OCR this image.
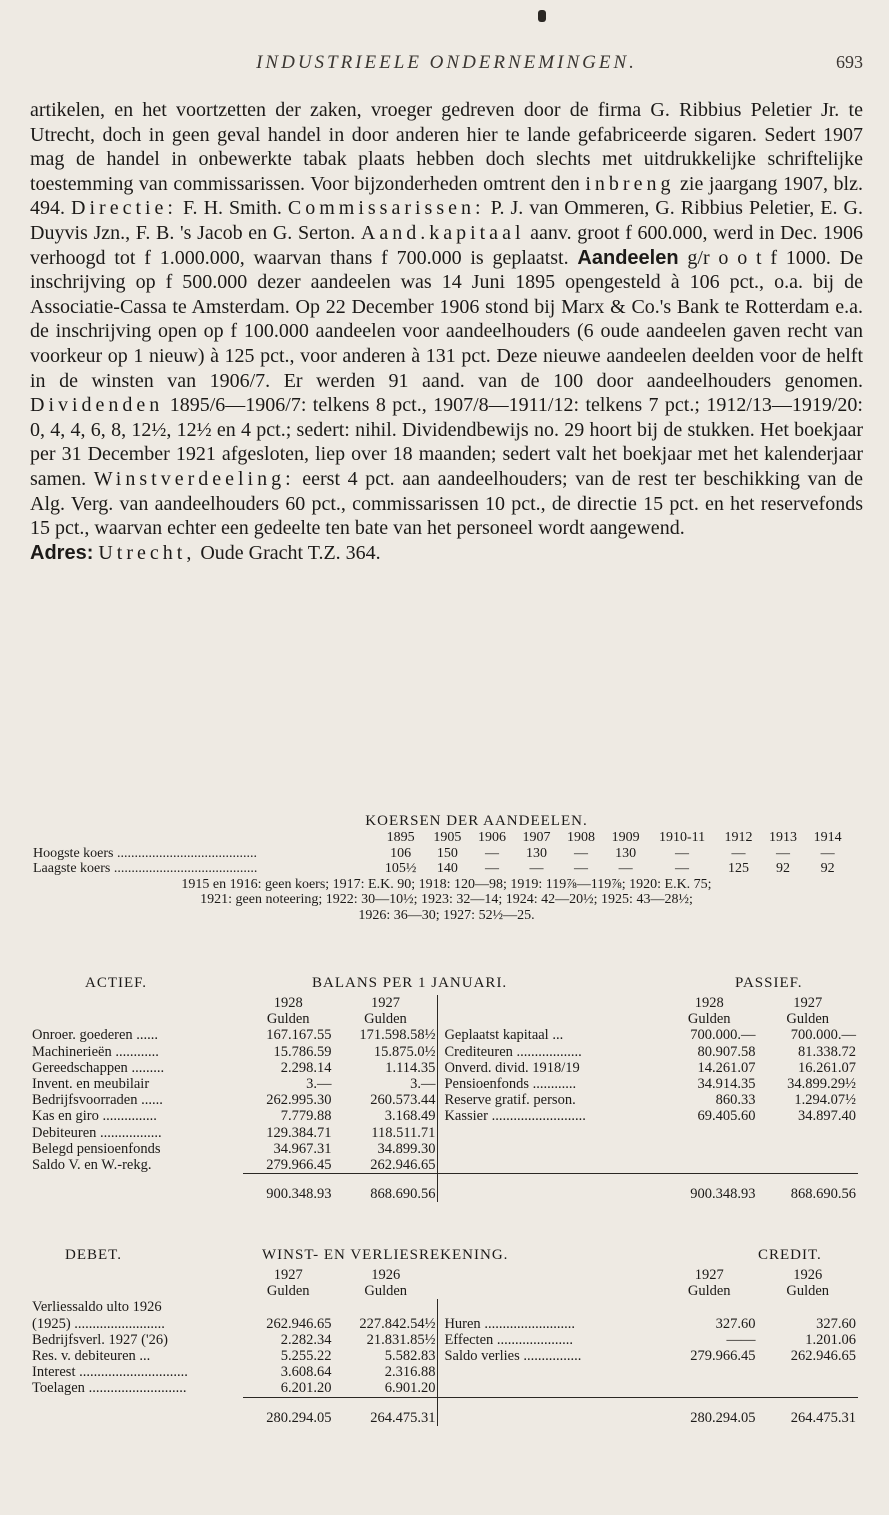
INDUSTRIEELE ONDERNEMINGEN.	693

artikelen, en het voortzetten der zaken, vroeger gedreven door de firma G. Ribbius Peletier Jr. te Utrecht, doch in geen geval handel in door anderen hier te lande gefabriceerde sigaren. Sedert 1907 mag de handel in onbewerkte tabak plaats hebben doch slechts met uitdrukkelijke schriftelijke toestemming van commissarissen. Voor bijzonderheden omtrent den inbreng zie jaargang 1907, blz. 494. Directie: F. H. Smith. Commissarissen: P. J. van Ommeren, G. Ribbius Peletier, E. G. Duyvis Jzn., F. B. 's Jacob en G. Serton. Aand.kapitaal aanv. groot f 600.000, werd in Dec. 1906 verhoogd tot f 1.000.000, waarvan thans f 700.000 is geplaatst. Aandeelen g/r o o t f 1000. De inschrijving op f 500.000 dezer aandeelen was 14 Juni 1895 opengesteld à 106 pct., o.a. bij de Associatie-Cassa te Amsterdam. Op 22 December 1906 stond bij Marx & Co.'s Bank te Rotterdam e.a. de inschrijving open op f 100.000 aandeelen voor aandeelhouders (6 oude aandeelen gaven recht van voorkeur op 1 nieuw) à 125 pct., voor anderen à 131 pct. Deze nieuwe aandeelen deelden voor de helft in de winsten van 1906/7. Er werden 91 aand. van de 100 door aandeelhouders genomen. Dividenden 1895/6—1906/7: telkens 8 pct., 1907/8—1911/12: telkens 7 pct.; 1912/13—1919/20: 0, 4, 4, 6, 8, 12½, 12½ en 4 pct.; sedert: nihil. Dividendbewijs no. 29 hoort bij de stukken. Het boekjaar per 31 December 1921 afgesloten, liep over 18 maanden; sedert valt het boekjaar met het kalenderjaar samen. Winstverdeeling: eerst 4 pct. aan aandeelhouders; van de rest ter beschikking van de Alg. Verg. van aandeelhouders 60 pct., commissarissen 10 pct., de directie 15 pct. en het reservefonds 15 pct., waarvan echter een gedeelte ten bate van het personeel wordt aangewend.

Adres: Utrecht, Oude Gracht T.Z. 364.

KOERSEN DER AANDEELEN.
	1895	1905	1906	1907	1908	1909	1910-11	1912	1913	1914
Hoogste koers ........................................	106	150	—	130	—	130	—	—	—	—
Laagste koers .........................................	105½	140	—	—	—	—	—	125	92	92
1915 en 1916: geen koers; 1917: E.K. 90; 1918: 120—98; 1919: 119⅞—119⅞; 1920: E.K. 75;
1921: geen noteering; 1922: 30—10½; 1923: 32—14; 1924: 42—20½; 1925: 43—28½;
1926: 36—30; 1927: 52½—25.
ACTIEF.	BALANS PER 1 JANUARI.	PASSIEF.
	1928	1927		1928	1927
	Gulden	Gulden		Gulden	Gulden
Onroer. goederen ......	167.167.55	171.598.58½	Geplaatst kapitaal ...	700.000.—	700.000.—
Machinerieën ............	15.786.59	15.875.0½	Crediteuren ..................	80.907.58	81.338.72
Gereedschappen .........	2.298.14	1.114.35	Onverd. divid. 1918/19	14.261.07	16.261.07
Invent. en meubilair	3.—	3.—	Pensioenfonds ............	34.914.35	34.899.29½
Bedrijfsvoorraden ......	262.995.30	260.573.44	Reserve gratif. person.	860.33	1.294.07½
Kas en giro ...............	7.779.88	3.168.49	Kassier ..........................	69.405.60	34.897.40
Debiteuren .................	129.384.71	118.511.71			
Belegd pensioenfonds	34.967.31	34.899.30			
Saldo V. en W.-rekg.	279.966.45	262.946.65			
	900.348.93	868.690.56		900.348.93	868.690.56
DEBET.	WINST- EN VERLIESREKENING.	CREDIT.
	1927	1926		1927	1926
	Gulden	Gulden		Gulden	Gulden
Verliessaldo ulto 1926					
(1925) .........................	262.946.65	227.842.54½	Huren .........................	327.60	327.60
Bedrijfsverl. 1927 ('26)	2.282.34	21.831.85½	Effecten .....................	——	1.201.06
Res. v. debiteuren ...	5.255.22	5.582.83	Saldo verlies ................	279.966.45	262.946.65
Interest ..............................	3.608.64	2.316.88			
Toelagen ...........................	6.201.20	6.901.20			
	280.294.05	264.475.31		280.294.05	264.475.31
